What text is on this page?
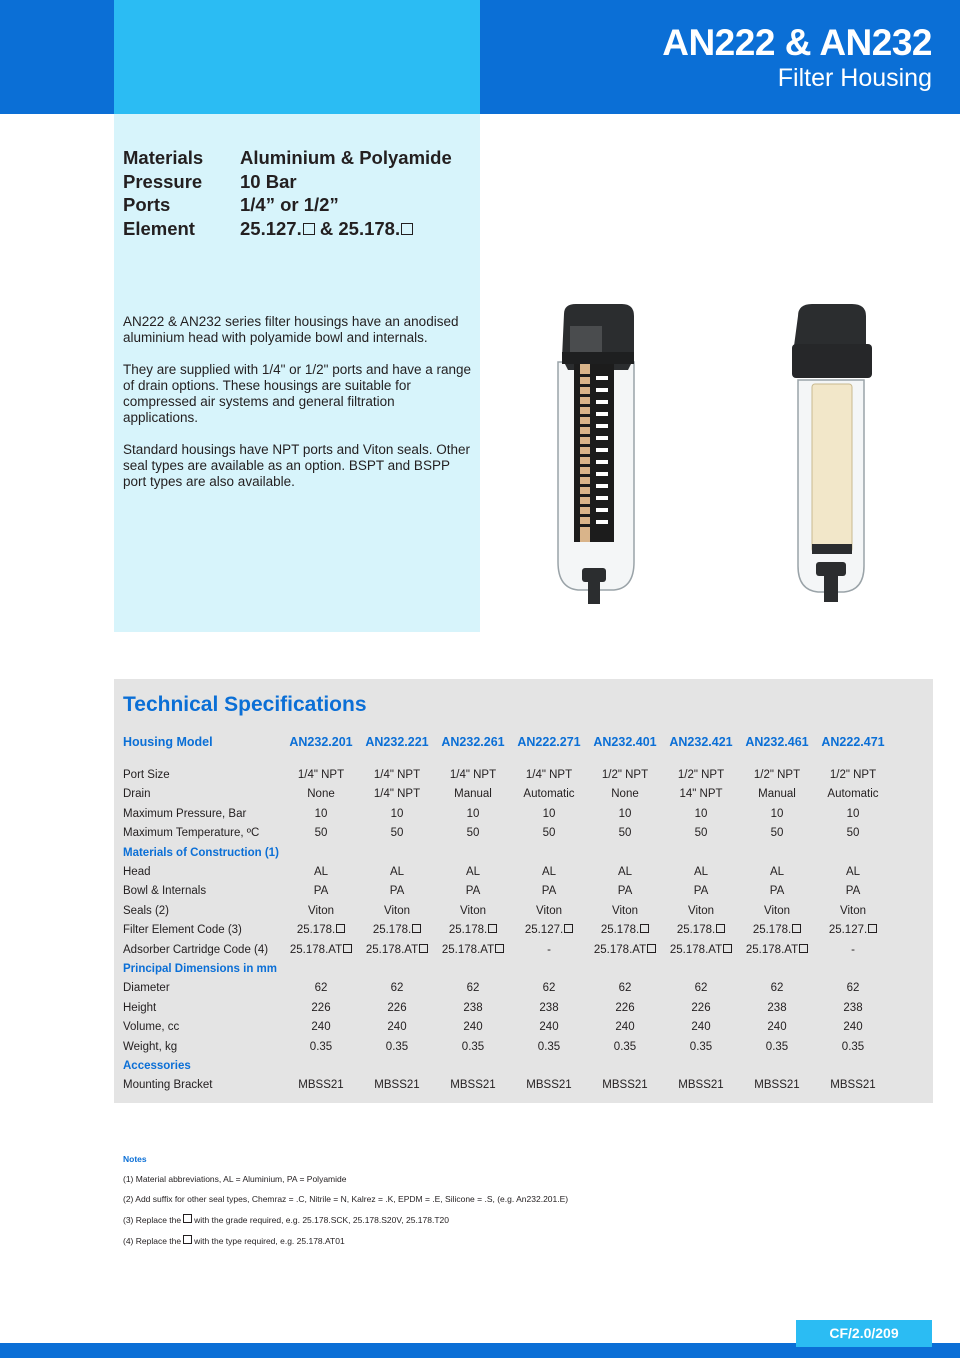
AN222 & AN232
Filter Housing
Materials	Aluminium & Polyamide
Pressure	10 Bar
Ports	1/4” or 1/2”
Element	25.127. & 25.178.

AN222 & AN232 series filter housings have an anodised aluminium head with polyamide bowl and internals.

They are supplied with 1/4" or 1/2" ports and have a range of drain options. These housings are suitable for compressed air systems and general filtration applications.

Standard housings have NPT ports and Viton seals. Other seal types are available as an option. BSPT and BSPP port types are also available.

Technical Specifications
Housing Model	AN232.201	AN232.221	AN232.261	AN222.271	AN232.401	AN232.421	AN232.461	AN222.471
Port Size	1/4" NPT	1/4" NPT	1/4" NPT	1/4" NPT	1/2" NPT	1/2" NPT	1/2" NPT	1/2" NPT
Drain	None	1/4" NPT	Manual	Automatic	None	14" NPT	Manual	Automatic
Maximum Pressure, Bar	10	10	10	10	10	10	10	10
Maximum Temperature, ºC	50	50	50	50	50	50	50	50
Materials of Construction (1)
Head	AL	AL	AL	AL	AL	AL	AL	AL
Bowl & Internals	PA	PA	PA	PA	PA	PA	PA	PA
Seals (2)	Viton	Viton	Viton	Viton	Viton	Viton	Viton	Viton
Filter Element Code (3)	25.178.	25.178.	25.178.	25.127.	25.178.	25.178.	25.178.	25.127.
Adsorber Cartridge Code (4)	25.178.AT	25.178.AT	25.178.AT	-	25.178.AT	25.178.AT	25.178.AT	-
Principal Dimensions in mm
Diameter	62	62	62	62	62	62	62	62
Height	226	226	238	238	226	226	238	238
Volume, cc	240	240	240	240	240	240	240	240
Weight, kg	0.35	0.35	0.35	0.35	0.35	0.35	0.35	0.35
Accessories
Mounting Bracket	MBSS21	MBSS21	MBSS21	MBSS21	MBSS21	MBSS21	MBSS21	MBSS21

Notes

(1) Material abbreviations, AL = Aluminium, PA = Polyamide

(2) Add suffix for other seal types, Chemraz = .C, Nitrile = N, Kalrez = .K, EPDM = .E, Silicone = .S, (e.g. An232.201.E)

(3) Replace the with the grade required, e.g. 25.178.SCK, 25.178.S20V, 25.178.T20

(4) Replace the with the type required, e.g. 25.178.AT01

CF/2.0/209
